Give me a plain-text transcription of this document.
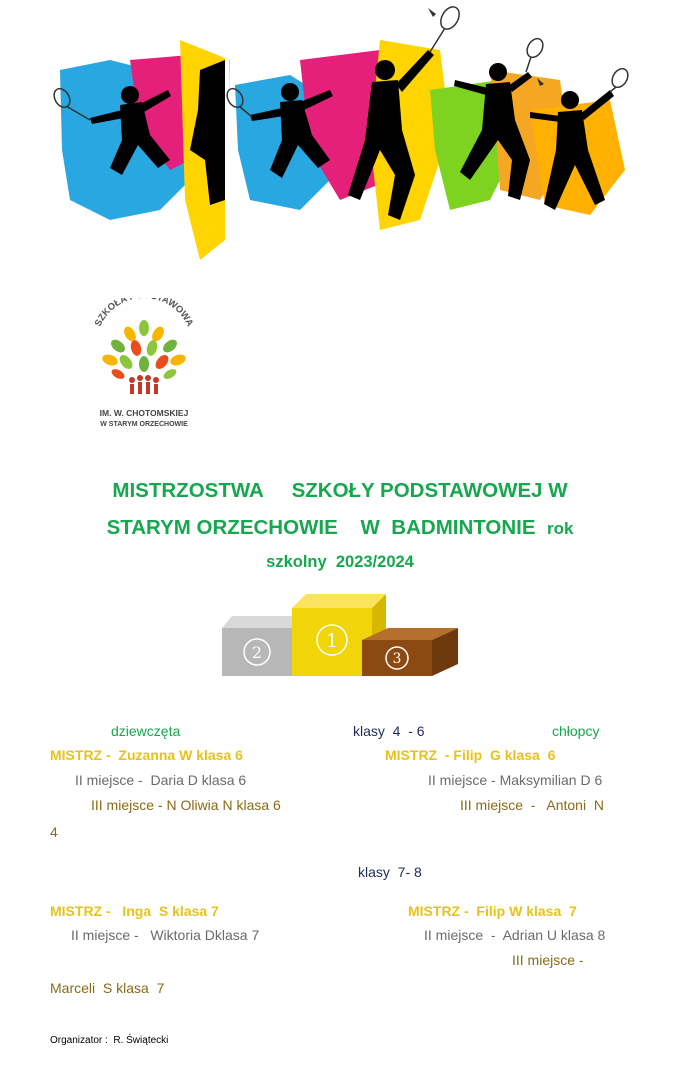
SZKOŁA AWOWA
IM. W. CHOTOMSKIEJ
W STARYM ORZECHOWIE
MISTRZOSTWA     SZKOŁY PODSTAWOWEJ W
STARYM ORZECHOWIE    W  BADMINTONIE  rok
szkolny  2023/2024
2
1
3
dziewczęta	klasy  4  - 6	chłopcy
MISTRZ -  Zuzanna W klasa 6	MISTRZ  - Filip  G klasa  6
II miejsce -  Daria D klasa 6	II miejsce - Maksymilian D 6
III miejsce - N Oliwia N klasa 6	III miejsce  -   Antoni  N
4
klasy  7- 8
MISTRZ -   Inga  S klasa 7	MISTRZ -  Filip W klasa  7
II miejsce -   Wiktoria Dklasa 7	II miejsce  -  Adrian U klasa 8
III miejsce -
Marceli  S klasa  7
Organizator :  R. Świątecki
